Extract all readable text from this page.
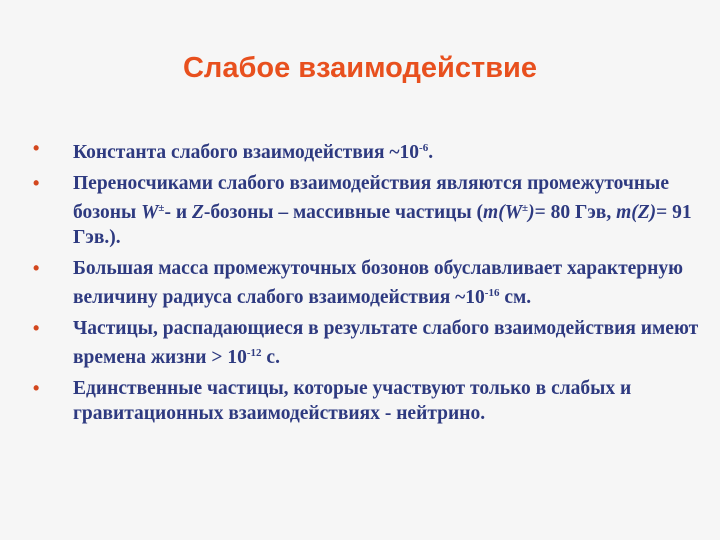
Слабое взаимодействие
• Константа слабого взаимодействия $\sim 10^{-6}$.
• Переносчиками слабого взаимодействия являются промежуточные бозоны W±- и Z-бозоны – массивные частицы (m(W±)= 80 Гэв, m(Z)= 91 Гэв.).
• Большая масса промежуточных бозонов обуславливает характерную величину радиуса слабого взаимодействия $\sim 10^{-16}$ см.
• Частицы, распадающиеся в результате слабого взаимодействия имеют времена жизни > $10^{-12}$ с.
• Единственные частицы, которые участвуют только в слабых и гравитационных взаимодействиях - нейтрино.
